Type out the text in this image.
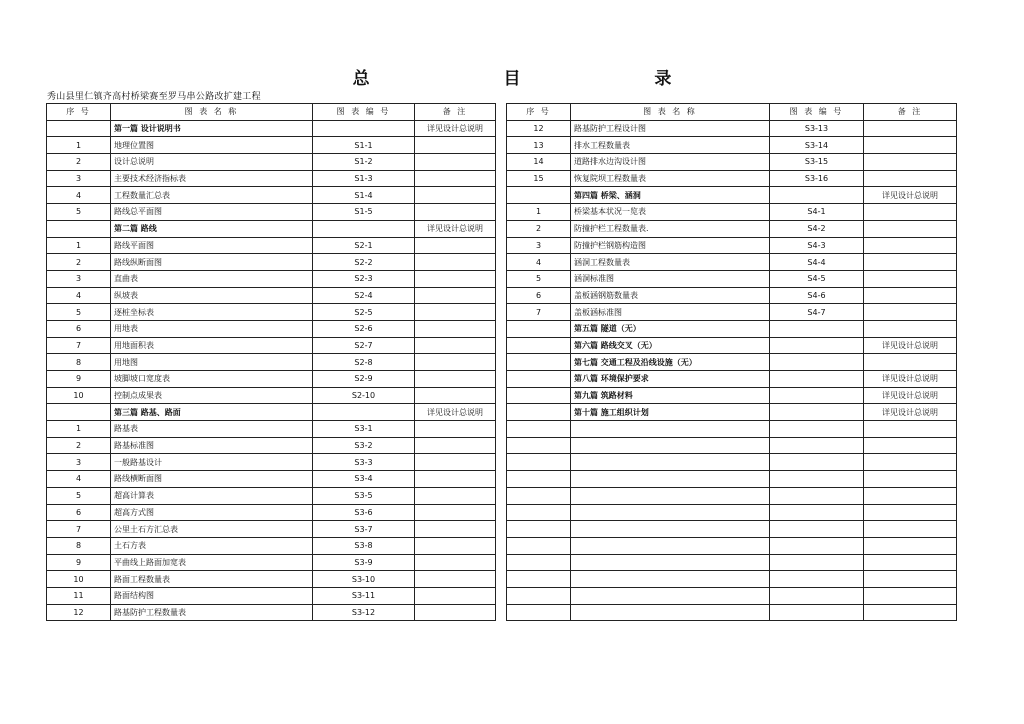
总 目 录
秀山县里仁镇齐高村桥梁赛至罗马串公路改扩建工程
序 号	图 表 名 称	图 表 编 号	备 注
	第一篇 设计说明书		详见设计总说明
1	地理位置图	S1-1	
2	设计总说明	S1-2	
3	主要技术经济指标表	S1-3	
4	工程数量汇总表	S1-4	
5	路线总平面图	S1-5	
	第二篇 路线		详见设计总说明
1	路线平面图	S2-1	
2	路线纵断面图	S2-2	
3	直曲表	S2-3	
4	纵坡表	S2-4	
5	逐桩坐标表	S2-5	
6	用地表	S2-6	
7	用地面积表	S2-7	
8	用地图	S2-8	
9	坡脚坡口宽度表	S2-9	
10	控制点成果表	S2-10	
	第三篇 路基、路面		详见设计总说明
1	路基表	S3-1	
2	路基标准图	S3-2	
3	一般路基设计	S3-3	
4	路线横断面图	S3-4	
5	超高计算表	S3-5	
6	超高方式图	S3-6	
7	公里土石方汇总表	S3-7	
8	土石方表	S3-8	
9	平曲线上路面加宽表	S3-9	
10	路面工程数量表	S3-10	
11	路面结构图	S3-11	
12	路基防护工程数量表	S3-12	
序 号	图 表 名 称	图 表 编 号	备 注
12	路基防护工程设计图	S3-13	
13	排水工程数量表	S3-14	
14	道路排水边沟设计图	S3-15	
15	恢复院坝工程数量表	S3-16	
	第四篇 桥梁、涵洞		详见设计总说明
1	桥梁基本状况一览表	S4-1	
2	防撞护栏工程数量表.	S4-2	
3	防撞护栏钢筋构造图	S4-3	
4	涵洞工程数量表	S4-4	
5	涵洞标准图	S4-5	
6	盖板涵钢筋数量表	S4-6	
7	盖板涵标准图	S4-7	
	第五篇 隧道（无）		
	第六篇 路线交叉（无）		详见设计总说明
	第七篇 交通工程及沿线设施（无）		
	第八篇 环境保护要求		详见设计总说明
	第九篇 筑路材料		详见设计总说明
	第十篇 施工组织计划		详见设计总说明
